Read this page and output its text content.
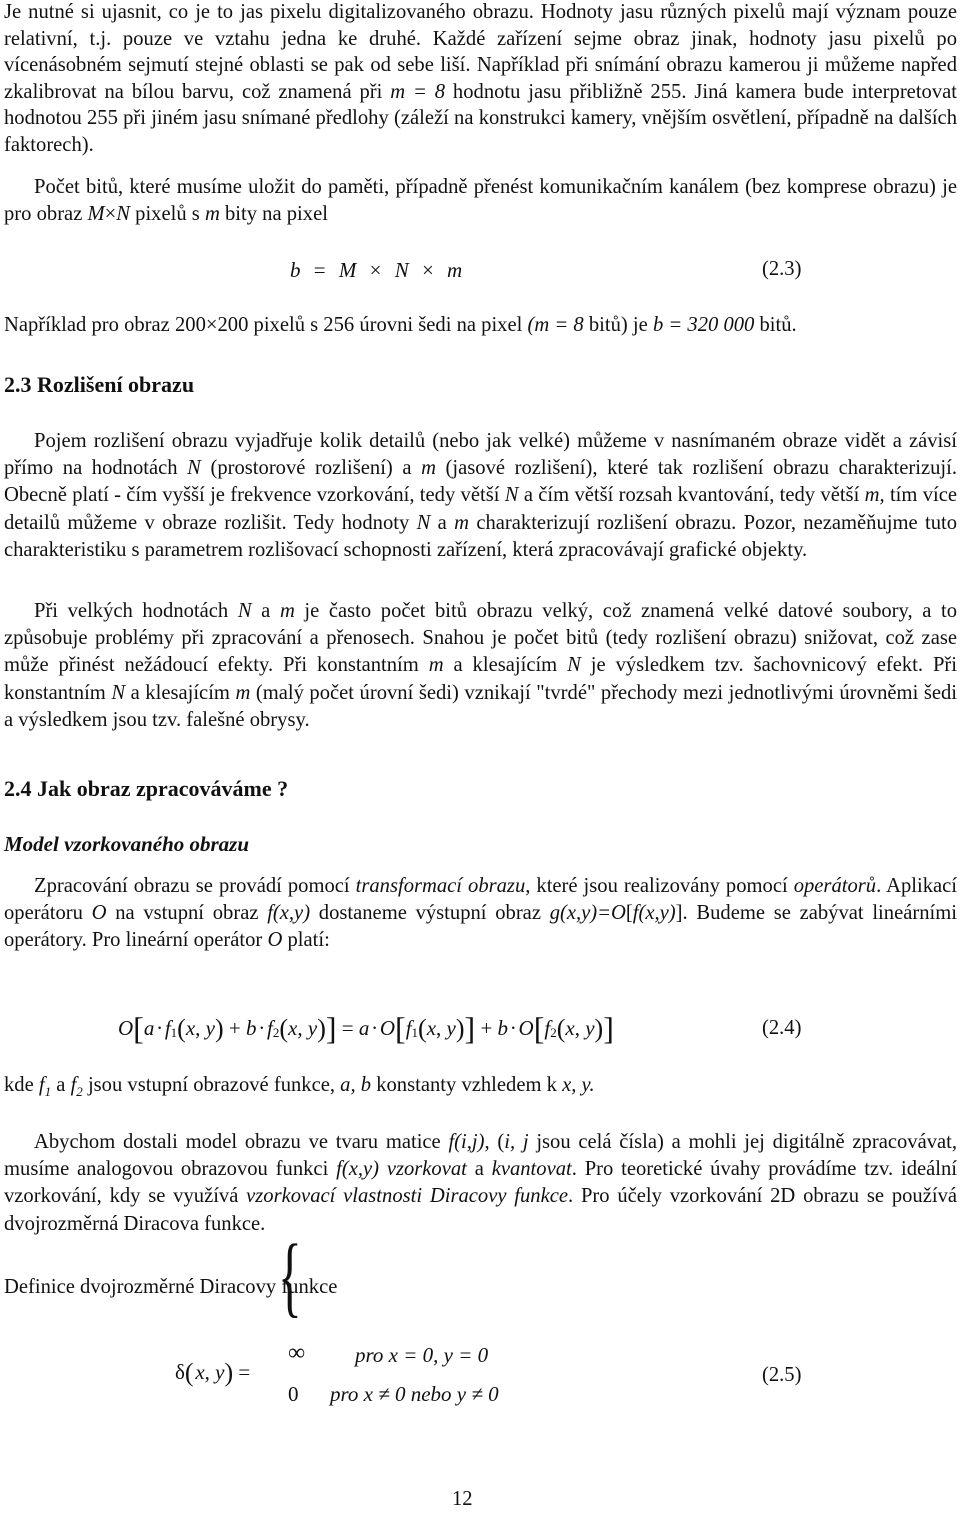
Je nutné si ujasnit, co je to jas pixelu digitalizovaného obrazu. Hodnoty jasu různých pixelů mají význam pouze relativní, t.j. pouze ve vztahu jedna ke druhé. Každé zařízení sejme obraz jinak, hodnoty jasu pixelů po vícenásobném sejmutí stejné oblasti se pak od sebe liší. Například při snímání obrazu kamerou ji můžeme napřed zkalibrovat na bílou barvu, což znamená při m = 8 hodnotu jasu přibližně 255. Jiná kamera bude interpretovat hodnotou 255 při jiném jasu snímané předlohy (záleží na konstrukci kamery, vnějším osvětlení, případně na dalších faktorech).

Počet bitů, které musíme uložit do paměti, případně přenést komunikačním kanálem (bez komprese obrazu) je pro obraz M×N pixelů s m bity na pixel

b = M × N × m	(2.3)

Například pro obraz 200×200 pixelů s 256 úrovni šedi na pixel (m = 8 bitů) je b = 320 000 bitů.

2.3 Rozlišení obrazu

Pojem rozlišení obrazu vyjadřuje kolik detailů (nebo jak velké) můžeme v nasnímaném obraze vidět a závisí přímo na hodnotách N (prostorové rozlišení) a m (jasové rozlišení), které tak rozlišení obrazu charakterizují. Obecně platí - čím vyšší je frekvence vzorkování, tedy větší N a čím větší rozsah kvantování, tedy větší m, tím více detailů můžeme v obraze rozlišit. Tedy hodnoty N a m charakterizují rozlišení obrazu. Pozor, nezaměňujme tuto charakteristiku s parametrem rozlišovací schopnosti zařízení, která zpracovávají grafické objekty.

Při velkých hodnotách N a m je často počet bitů obrazu velký, což znamená velké datové soubory, a to způsobuje problémy při zpracování a přenosech. Snahou je počet bitů (tedy rozlišení obrazu) snižovat, což zase může přinést nežádoucí efekty. Při konstantním m a klesajícím N je výsledkem tzv. šachovnicový efekt. Při konstantním N a klesajícím m (malý počet úrovní šedi) vznikají "tvrdé" přechody mezi jednotlivými úrovněmi šedi a výsledkem jsou tzv. falešné obrysy.

2.4 Jak obraz zpracováváme ?
Model vzorkovaného obrazu

Zpracování obrazu se provádí pomocí transformací obrazu, které jsou realizovány pomocí operátorů. Aplikací operátoru O na vstupní obraz f(x,y) dostaneme výstupní obraz g(x,y)=O[f(x,y)]. Budeme se zabývat lineárními operátory. Pro lineární operátor O platí:

O[a · $f_1(x$, y) + b · $f_2(x$, y)] = a · $O[f_1(x$, y)] + b · $O[f_2(x$, y)]	(2.4)

kde $f_1$ a $f_2$ jsou vstupní obrazové funkce, a, b konstanty vzhledem k x, y.

Abychom dostali model obrazu ve tvaru matice f(i,j), (i, j jsou celá čísla) a mohli jej digitálně zpracovávat, musíme analogovou obrazovou funkci f(x,y) vzorkovat a kvantovat. Pro teoretické úvahy provádíme tzv. ideální vzorkování, kdy se využívá vzorkovací vlastnosti Diracovy funkce. Pro účely vzorkování 2D obrazu se používá dvojrozměrná Diracova funkce.

Definice dvojrozměrné Diracovy funkce

δ( x, y) =
{
∞ pro x = 0, y = 0
0 pro x ≠ 0 nebo y ≠ 0
(2.5)
12
